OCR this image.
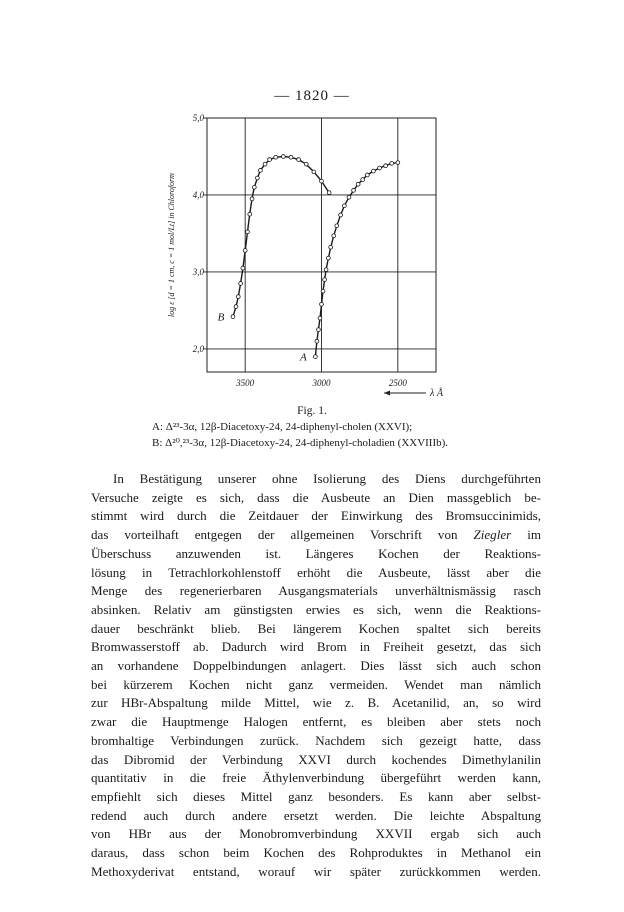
— 1820 —
3500	3000	2500
5,0
4,0
3,0
2,0
log ε [d = 1 cm, c = 1 mol/Lt] in Chloroform
λ Å
B
A
Fig. 1.
A: Δ²³-3α, 12β-Diacetoxy-24, 24-diphenyl-cholen (XXVI);
B: Δ²⁰,²³-3α, 12β-Diacetoxy-24, 24-diphenyl-choladien (XXVIIIb).

In Bestätigung unserer ohne Isolierung des Diens durchgeführten

Versuche zeigte es sich, dass die Ausbeute an Dien massgeblich be-

stimmt wird durch die Zeitdauer der Einwirkung des Bromsuccinimids,

das vorteilhaft entgegen der allgemeinen Vorschrift von Ziegler im

Überschuss anzuwenden ist. Längeres Kochen der Reaktions-

lösung in Tetrachlorkohlenstoff erhöht die Ausbeute, lässt aber die

Menge des regenerierbaren Ausgangsmaterials unverhältnismässig rasch

absinken. Relativ am günstigsten erwies es sich, wenn die Reaktions-

dauer beschränkt blieb. Bei längerem Kochen spaltet sich bereits

Bromwasserstoff ab. Dadurch wird Brom in Freiheit gesetzt, das sich

an vorhandene Doppelbindungen anlagert. Dies lässt sich auch schon

bei kürzerem Kochen nicht ganz vermeiden. Wendet man nämlich

zur HBr-Abspaltung milde Mittel, wie z. B. Acetanilid, an, so wird

zwar die Hauptmenge Halogen entfernt, es bleiben aber stets noch

bromhaltige Verbindungen zurück. Nachdem sich gezeigt hatte, dass

das Dibromid der Verbindung XXVI durch kochendes Dimethylanilin

quantitativ in die freie Äthylenverbindung übergeführt werden kann,

empfiehlt sich dieses Mittel ganz besonders. Es kann aber selbst-

redend auch durch andere ersetzt werden. Die leichte Abspaltung

von HBr aus der Monobromverbindung XXVII ergab sich auch

daraus, dass schon beim Kochen des Rohproduktes in Methanol ein

Methoxyderivat entstand, worauf wir später zurückkommen werden.
